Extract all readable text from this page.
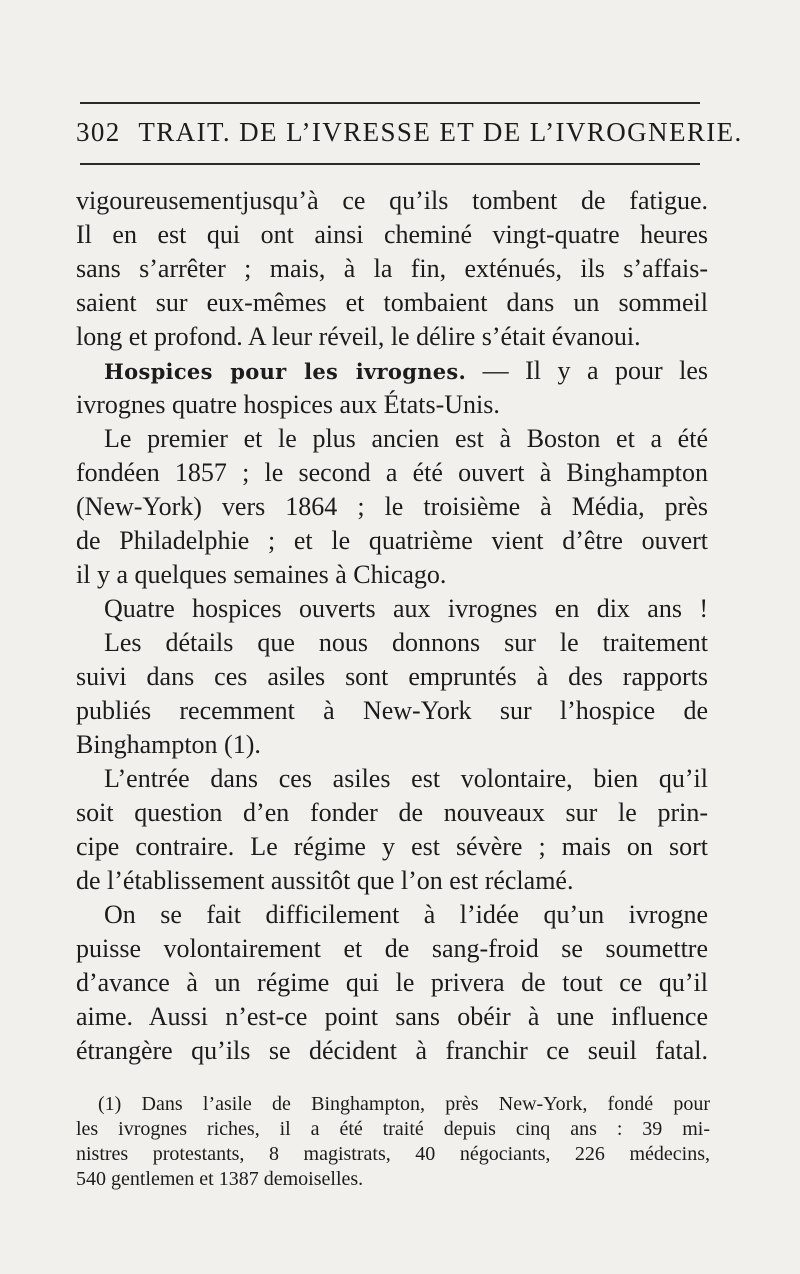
302 TRAIT. DE L’IVRESSE ET DE L’IVROGNERIE.
vigoureusementjusqu’à ce qu’ils tombent de fatigue.
Il en est qui ont ainsi cheminé vingt-quatre heures
sans s’arrêter ; mais, à la fin, exténués, ils s’affais-
saient sur eux-mêmes et tombaient dans un sommeil
long et profond. A leur réveil, le délire s’était évanoui.
Hospices pour les ivrognes. — Il y a pour les
ivrognes quatre hospices aux États-Unis.
Le premier et le plus ancien est à Boston et a été
fondéen 1857 ; le second a été ouvert à Binghampton
(New-York) vers 1864 ; le troisième à Média, près
de Philadelphie ; et le quatrième vient d’être ouvert
il y a quelques semaines à Chicago.
Quatre hospices ouverts aux ivrognes en dix ans !
Les détails que nous donnons sur le traitement
suivi dans ces asiles sont empruntés à des rapports
publiés recemment à New-York sur l’hospice de
Binghampton (1).
L’entrée dans ces asiles est volontaire, bien qu’il
soit question d’en fonder de nouveaux sur le prin-
cipe contraire. Le régime y est sévère ; mais on sort
de l’établissement aussitôt que l’on est réclamé.
On se fait difficilement à l’idée qu’un ivrogne
puisse volontairement et de sang-froid se soumettre
d’avance à un régime qui le privera de tout ce qu’il
aime. Aussi n’est-ce point sans obéir à une influence
étrangère qu’ils se décident à franchir ce seuil fatal.
(1) Dans l’asile de Binghampton, près New-York, fondé pour
les ivrognes riches, il a été traité depuis cinq ans : 39 mi-
nistres protestants, 8 magistrats, 40 négociants, 226 médecins,
540 gentlemen et 1387 demoiselles.
